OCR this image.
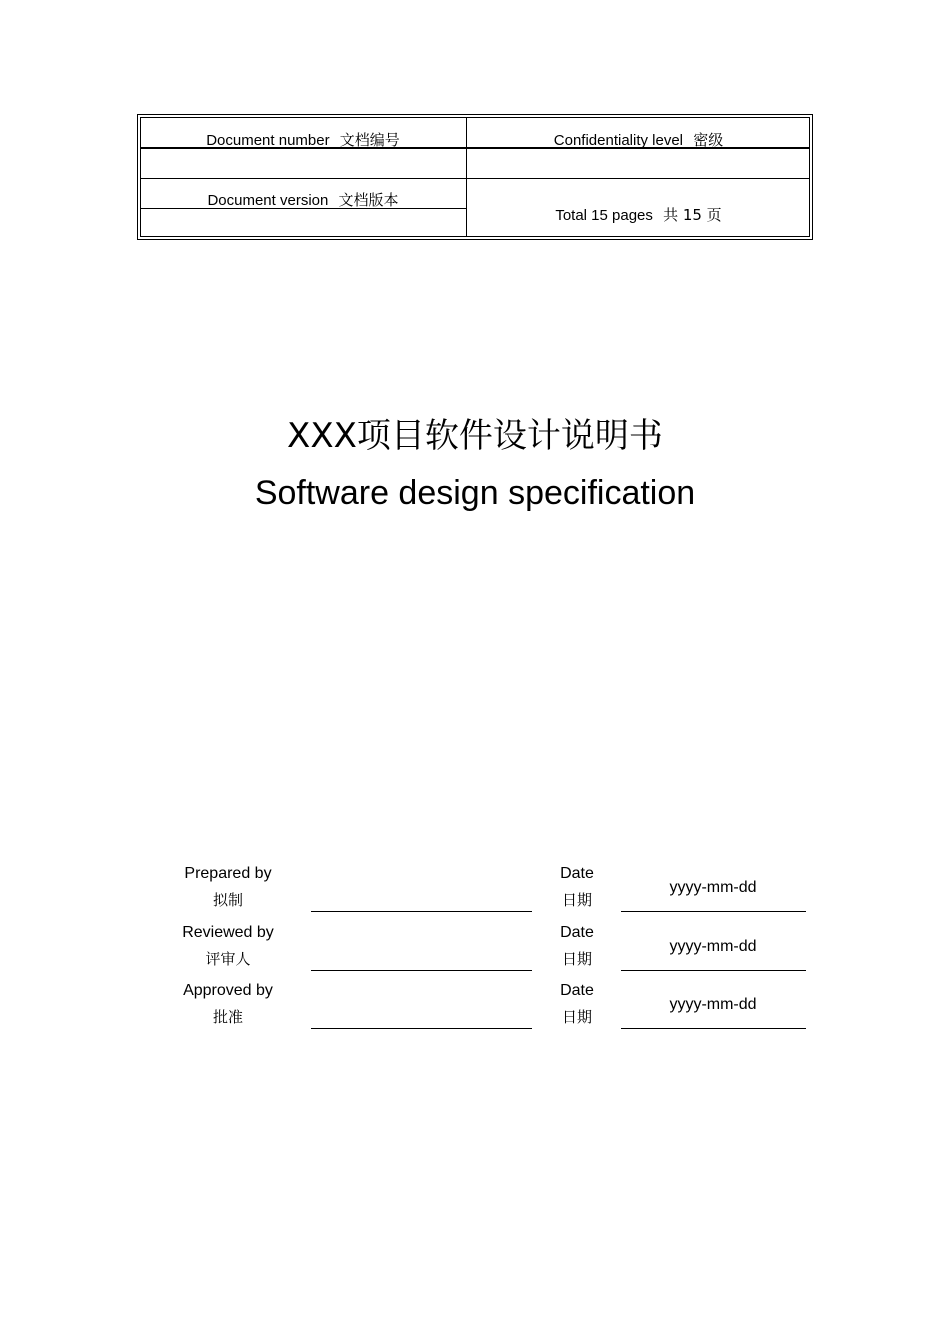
Document number 文档编号	Confidentiality level 密级
Document version 文档版本
Total 15 pages 共 15 页
XXX项目软件设计说明书
Software design specification
Prepared by
拟制
Date
日期
yyyy-mm-dd
Reviewed by
评审人
Date
日期
yyyy-mm-dd
Approved by
批准
Date
日期
yyyy-mm-dd
